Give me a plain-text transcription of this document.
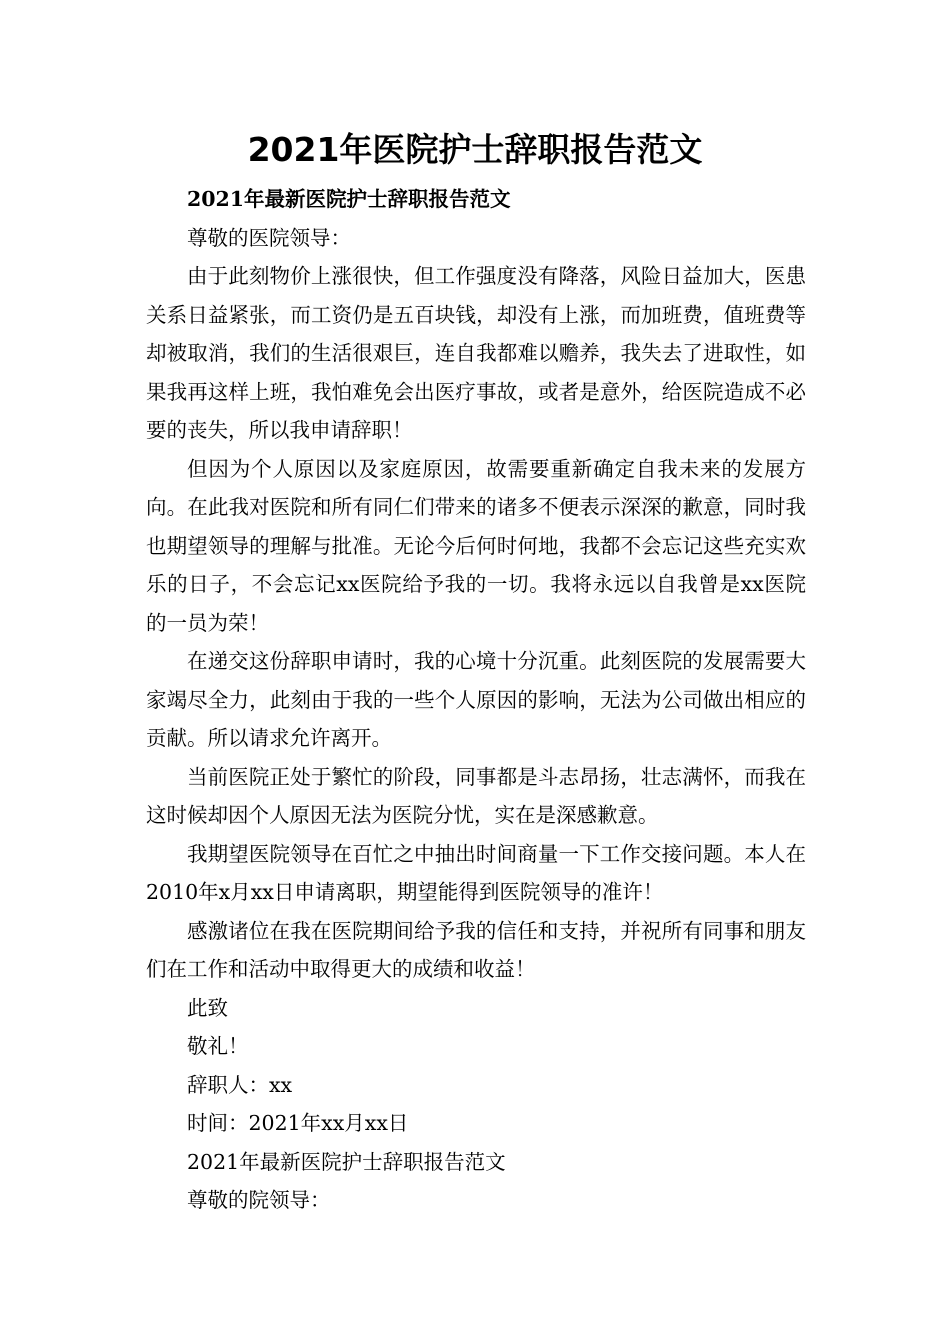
2021年医院护士辞职报告范文

2021年最新医院护士辞职报告范文

尊敬的医院领导：

由于此刻物价上涨很快，但工作强度没有降落，风险日益加大，医患关系日益紧张，而工资仍是五百块钱，却没有上涨，而加班费，值班费等却被取消，我们的生活很艰巨，连自我都难以赡养，我失去了进取性，如果我再这样上班，我怕难免会出医疗事故，或者是意外，给医院造成不必要的丧失，所以我申请辞职！

但因为个人原因以及家庭原因，故需要重新确定自我未来的发展方向。在此我对医院和所有同仁们带来的诸多不便表示深深的歉意，同时我也期望领导的理解与批准。无论今后何时何地，我都不会忘记这些充实欢乐的日子，不会忘记xx医院给予我的一切。我将永远以自我曾是xx医院的一员为荣！

在递交这份辞职申请时，我的心境十分沉重。此刻医院的发展需要大家竭尽全力，此刻由于我的一些个人原因的影响，无法为公司做出相应的贡献。所以请求允许离开。

当前医院正处于繁忙的阶段，同事都是斗志昂扬，壮志满怀，而我在这时候却因个人原因无法为医院分忧，实在是深感歉意。

我期望医院领导在百忙之中抽出时间商量一下工作交接问题。本人在2010年x月xx日申请离职，期望能得到医院领导的准许！

感激诸位在我在医院期间给予我的信任和支持，并祝所有同事和朋友们在工作和活动中取得更大的成绩和收益！

此致

敬礼！

辞职人：xx

时间：2021年xx月xx日

2021年最新医院护士辞职报告范文

尊敬的院领导：
